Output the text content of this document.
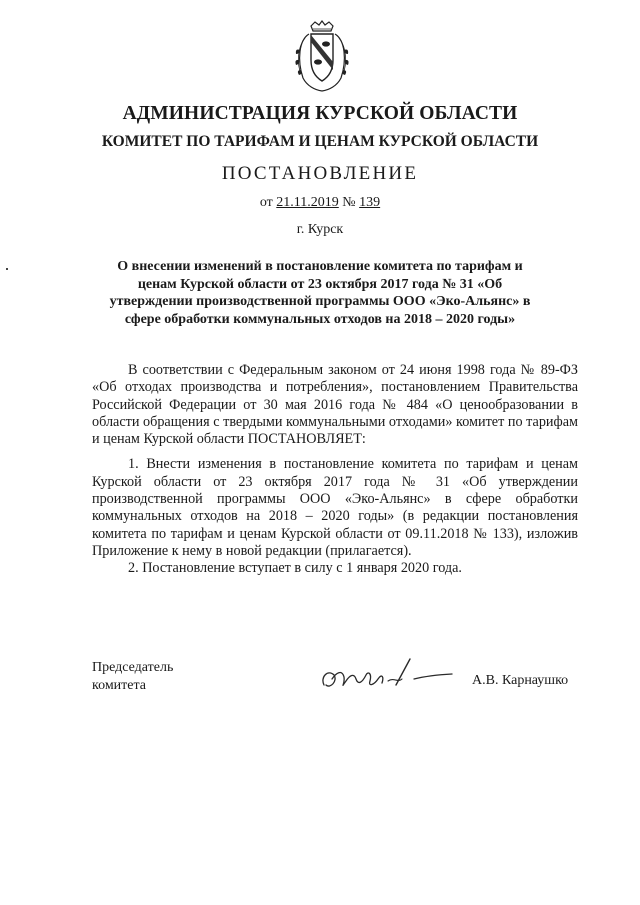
АДМИНИСТРАЦИЯ КУРСКОЙ ОБЛАСТИ
КОМИТЕТ ПО ТАРИФАМ И ЦЕНАМ КУРСКОЙ ОБЛАСТИ
ПОСТАНОВЛЕНИЕ
от 21.11.2019 № 139
г. Курск
О внесении изменений в постановление комитета по тарифам и ценам Курской области от 23 октября 2017 года № 31 «Об утверждении производственной программы ООО «Эко-Альянс» в сфере обработки коммунальных отходов на 2018 – 2020 годы»

В соответствии с Федеральным законом от 24 июня 1998 года № 89-ФЗ «Об отходах производства и потребления», постановлением Правительства Российской Федерации от 30 мая 2016 года № 484 «О ценообразовании в области обращения с твердыми коммунальными отходами» комитет по тарифам и ценам Курской области ПОСТАНОВЛЯЕТ:

1. Внести изменения в постановление комитета по тарифам и ценам Курской области от 23 октября 2017 года № 31 «Об утверждении производственной программы ООО «Эко-Альянс» в сфере обработки коммунальных отходов на 2018 – 2020 годы» (в редакции постановления комитета по тарифам и ценам Курской области от 09.11.2018 № 133), изложив Приложение к нему в новой редакции (прилагается).

2. Постановление вступает в силу с 1 января 2020 года.

Председатель
комитета	А.В. Карнаушко
